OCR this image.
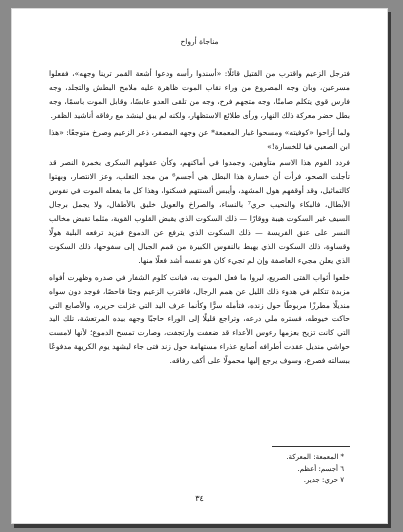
مناجاة أرواح

فترجل الزعيم واقترب من القتيل قائلًا: «أسندوا رأسه ودعوا أشعة القمر ترينا وجهه»، ففعلوا مسرعين، وبان وجه المصروع من وراء نقاب الموت ظاهرة عليه ملامح البطش والتجلد، وجه فارس قوي يتكلم صامتًا، وجه متجهم فرح، وجه من تلقى العدو عابسًا، وقابل الموت باسمًا، وجه بطل حضر معركة ذلك النهار، ورأى طلائع الاستظهار، ولكنه لم يبق لينشد مع رفاقه أناشيد الظفر.

ولما أزاحوا «كوفيته» ومسحوا غبار المعمعة* عن وجهه المصفر، ذعر الزعيم وصرخ متوجعًا: «هذا ابن الصعبي فيا للخسارة!»

فردد القوم هذا الاسم متأوهين، وجمدوا في أماكنهم، وكأن عقولهم السكرى بخمرة النصر قد تأجلت الصحو، فرأت أن خسارة هذا البطل هي أجسم⁶ من مجد التغلب، وعز الانتصار، وبهتوا كالتماثيل، وقد أوقفهم هول المشهد، وأيبس ألسنتهم فسكتوا، وهذا كل ما يفعله الموت في نفوس الأبطال، فالبكاء والنحيب حري⁷ بالنساء، والصراخ والعويل خليق بالأطفال، ولا يجمل برجال السيف غير السكوت هيبة ووقارًا — ذلك السكوت الذي يقبض القلوب القوية، مثلما تقبض مخالب النسر على عنق الفريسة — ذلك السكوت الذي يترفع عن الدموع فيزيد ترفعه البلية هولًا وقساوة، ذلك السكوت الذي يهبط بالنفوس الكبيرة من قمم الجبال إلى سفوحها، ذلك السكوت الذي يعلن مجيء العاصفة وإن لم تجيء كان هو نفسه أشد فعلًا منها.

خلعوا أثواب الفتى الصريع، ليروا ما فعل الموت به، فبانت كلوم الشفار في صدره وظهرت أفواه مزبدة تتكلم في هدوء ذلك الليل عن همم الرجال، فاقترب الزعيم وجثا فاحصًا، فوجد دون سواه منديلًا مطرزًا مربوطًا حول زنده، فتأمله سرًّا وكأنما عرف اليد التي غزلت حريره، والأصابع التي حاكت خيوطه، فستره ملي درعه، وتراجع قليلًا إلى الوراء حاجبًا وجهه بيده المرتعشة، تلك اليد التي كانت تزيح بعزمها رءوس الأعداء قد ضعفت وارتجفت، وصارت تمسح الدموع؛ لأنها لامست حواشي منديل عقدت أطرافه أصابع عذراء مستهامة حول زند فتى جاء ليشهد يوم الكريهة مدفوعًا ببسالته فصرع، وسوف يرجع إليها محمولًا على أكف رفاقه.

* المعمعة: المعركة.
٦ أجسم: أعظم.
٧ حري: جدير.
٣٤
